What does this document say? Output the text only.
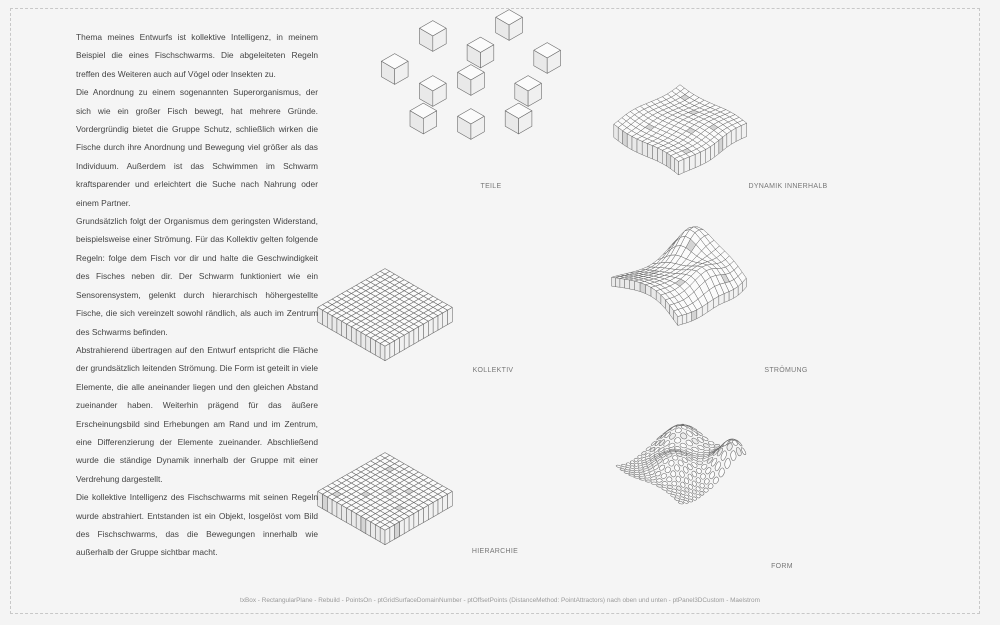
Thema meines Entwurfs ist kollektive Intelligenz, in meinem Beispiel die eines Fischschwarms. Die abgeleiteten Regeln treffen des Weiteren auch auf Vögel oder Insekten zu.

Die Anordnung zu einem sogenannten Superorganismus, der sich wie ein großer Fisch bewegt, hat mehrere Gründe. Vordergründig bietet die Gruppe Schutz, schließlich wirken die Fische durch ihre Anordnung und Bewegung viel größer als das Individuum. Außerdem ist das Schwimmen im Schwarm kraftsparender und erleichtert die Suche nach Nahrung oder einem Partner.

Grundsätzlich folgt der Organismus dem geringsten Widerstand, beispielsweise einer Strömung. Für das Kollektiv gelten folgende Regeln: folge dem Fisch vor dir und halte die Geschwindigkeit des Fisches neben dir. Der Schwarm funktioniert wie ein Sensorensystem, gelenkt durch hierarchisch höhergestellte Fische, die sich vereinzelt sowohl rändlich, als auch im Zentrum des Schwarms befinden.

Abstrahierend übertragen auf den Entwurf entspricht die Fläche der grundsätzlich leitenden Strömung. Die Form ist geteilt in viele Elemente, die alle aneinander liegen und den gleichen Abstand zueinander haben. Weiterhin prägend für das äußere Erscheinungsbild sind Erhebungen am Rand und im Zentrum, eine Differenzierung der Elemente zueinander. Abschließend wurde die ständige Dynamik innerhalb der Gruppe mit einer Verdrehung dargestellt.

Die kollektive Intelligenz des Fischschwarms mit seinen Regeln wurde abstrahiert. Entstanden ist ein Objekt, losgelöst vom Bild des Fischschwarms, das die Bewegungen innerhalb wie außerhalb der Gruppe sichtbar macht.

TEILE	DYNAMIK INNERHALB
KOLLEKTIV	STRÖMUNG
HIERARCHIE
FORM
txBox - RectangularPlane - Rebuild - PointsOn - ptGridSurfaceDomainNumber - ptOffsetPoints (DistanceMethod: PointAttractors) nach oben und unten - ptPanel3DCustom - Maelstrom
